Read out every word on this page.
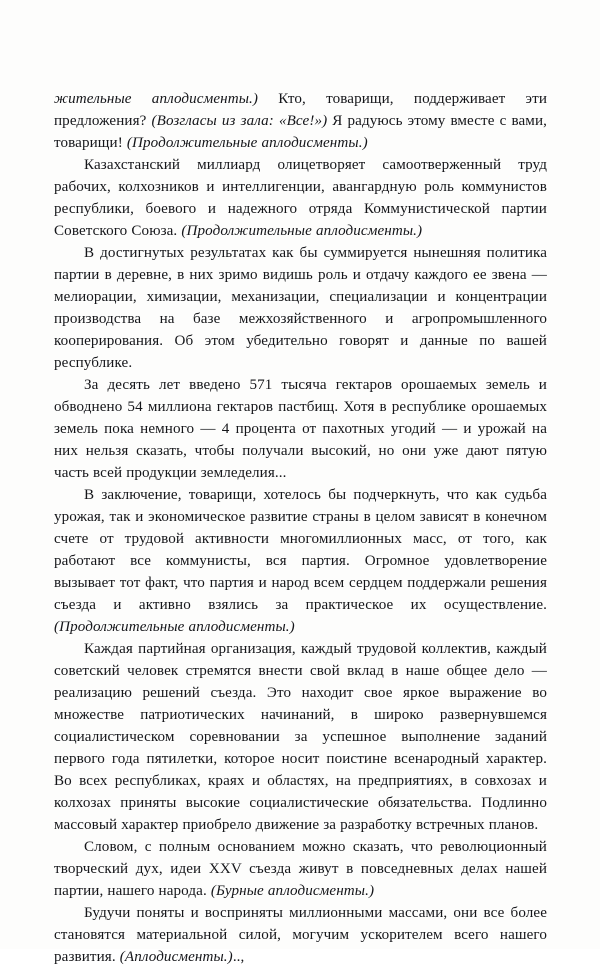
жительные аплодисменты.) Кто, товарищи, поддерживает эти предложения? (Возгласы из зала: «Все!») Я радуюсь этому вместе с вами, товарищи! (Продолжительные аплодисменты.)

Казахстанский миллиард олицетворяет самоотверженный труд рабочих, колхозников и интеллигенции, авангардную роль коммунистов республики, боевого и надежного отряда Коммунистической партии Советского Союза. (Продолжительные аплодисменты.)

В достигнутых результатах как бы суммируется нынешняя политика партии в деревне, в них зримо видишь роль и отдачу каждого ее звена — мелиорации, химизации, механизации, специализации и концентрации производства на базе межхозяйственного и агропромышленного кооперирования. Об этом убедительно говорят и данные по вашей республике.

За десять лет введено 571 тысяча гектаров орошаемых земель и обводнено 54 миллиона гектаров пастбищ. Хотя в республике орошаемых земель пока немного — 4 процента от пахотных угодий — и урожай на них нельзя сказать, чтобы получали высокий, но они уже дают пятую часть всей продукции земледелия...

В заключение, товарищи, хотелось бы подчеркнуть, что как судьба урожая, так и экономическое развитие страны в целом зависят в конечном счете от трудовой активности многомиллионных масс, от того, как работают все коммунисты, вся партия. Огромное удовлетворение вызывает тот факт, что партия и народ всем сердцем поддержали решения съезда и активно взялись за практическое их осуществление. (Продолжительные аплодисменты.)

Каждая партийная организация, каждый трудовой коллектив, каждый советский человек стремятся внести свой вклад в наше общее дело — реализацию решений съезда. Это находит свое яркое выражение во множестве патриотических начинаний, в широко развернувшемся социалистическом соревновании за успешное выполнение заданий первого года пятилетки, которое носит поистине всенародный характер. Во всех республиках, краях и областях, на предприятиях, в совхозах и колхозах приняты высокие социалистические обязательства. Подлинно массовый характер приобрело движение за разработку встречных планов.

Словом, с полным основанием можно сказать, что революционный творческий дух, идеи XXV съезда живут в повседневных делах нашей партии, нашего народа. (Бурные аплодисменты.)

Будучи поняты и восприняты миллионными массами, они все более становятся материальной силой, могучим ускорителем всего нашего развития. (Аплодисменты.)..,
